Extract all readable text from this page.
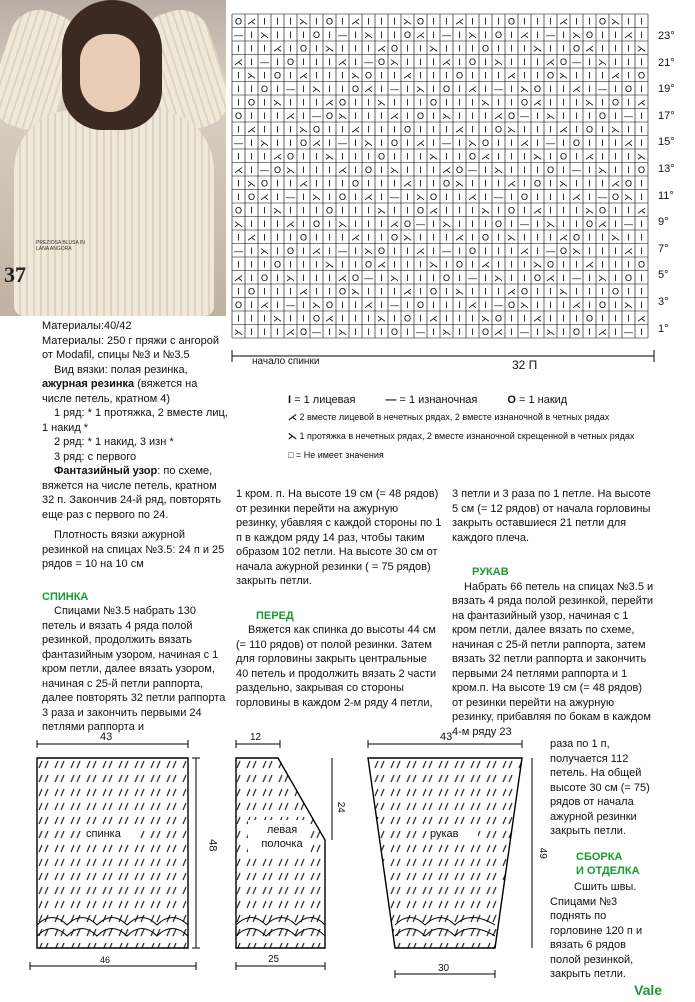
37
PREZIOSA BLUSA IN LANA ANGORA
O ⋌ I I I ⋋ I O I ⋌ I I I ⋋ O I I ⋌ I I I O I I I ⋌ I I O ⋋ I I
— I ⋋ I I I O I — I ⋋ I I O ⋌ I — I ⋋ I O I ⋌ I — I ⋋ O I I ⋌ I
I I I ⋌ I O I ⋋ I I I ⋌ O I I ⋋ I I I O I I I ⋋ I I O ⋌ I I I ⋋
⋌ I — I O I I I ⋌ I — O ⋋ I I I ⋌ I O I ⋋ I I I ⋌ O — I ⋋ I I I
I ⋋ I O I ⋌ I I I ⋋ O I I ⋌ I I I O I I I ⋌ I I O ⋋ I I I ⋌ I O
I I O I — I ⋋ I I O ⋌ I — I ⋋ I O I ⋌ I — I ⋋ O I I ⋌ I — I O I
I O I ⋋ I I I ⋌ O I I ⋋ I I I O I I I ⋋ I I O ⋌ I I I ⋋ I O I ⋌
O I I I ⋌ I — O ⋋ I I I ⋌ I O I ⋋ I I I ⋌ O — I ⋋ I I I O I — I
I ⋌ I I I ⋋ O I I ⋌ I I I O I I I ⋌ I I O ⋋ I I I ⋌ I O I ⋋ I I
— I ⋋ I I O ⋌ I — I ⋋ I O I ⋌ I — I ⋋ O I I ⋌ I — I O I I I ⋌ I
I I I ⋌ O I I ⋋ I I I O I I I ⋋ I I O ⋌ I I I ⋋ I O I ⋌ I I I ⋋
⋌ I — O ⋋ I I I ⋌ I O I ⋋ I I I ⋌ O — I ⋋ I I I O I — I ⋋ I I O
I ⋋ O I I ⋌ I I I O I I I ⋌ I I O ⋋ I I I ⋌ I O I ⋋ I I I ⋌ O I
I O ⋌ I — I ⋋ I O I ⋌ I — I ⋋ O I I ⋌ I — I O I I I ⋌ I — O ⋋ I
O I I ⋋ I I I O I I I ⋋ I I O ⋌ I I I ⋋ I O I ⋌ I I I ⋋ O I I ⋌
⋋ I I I ⋌ I O I ⋋ I I I ⋌ O — I ⋋ I I I O I — I ⋋ I I O ⋌ I — I
I ⋌ I I I O I I I ⋌ I I O ⋋ I I I ⋌ I O I ⋋ I I I ⋌ O I I ⋋ I I
— I ⋋ I O I ⋌ I — I ⋋ O I I ⋌ I — I O I I I ⋌ I — O ⋋ I I I ⋌ I
I I I O I I I ⋋ I I O ⋌ I I I ⋋ I O I ⋌ I I I ⋋ O I I ⋌ I I I O
⋌ I O I ⋋ I I I ⋌ O — I ⋋ I I I O I — I ⋋ I I O ⋌ I — I ⋋ I O I
I O I I I ⋌ I I O ⋋ I I I ⋌ I O I ⋋ I I I ⋌ O I I ⋋ I I I O I I
O I ⋌ I — I ⋋ O I I ⋌ I — I O I I I ⋌ I — O ⋋ I I I ⋌ I O I ⋋ I
I I I ⋋ I I O ⋌ I I I ⋋ I O I ⋌ I I I ⋋ O I I ⋌ I I I O I I I ⋌
⋋ I I I ⋌ O — I ⋋ I I I O I — I ⋋ I I O ⋌ I — I ⋋ I O I ⋌ I — I
23°
21°
19°
17°
15°
13°
11°
9°
7°
5°
3°
1°
начало спинки	32 П
I = 1 лицевая	— = 1 изнаночная	O = 1 накид
⋌ 2 вместе лицевой в нечетных рядах, 2 вместе изнаночной в четных рядах
⋋ 1 протяжка в нечетных рядах, 2 вместе изнаночной скрещенной в четных рядах
□ = Не имеет значения
Материалы:40/42
Материалы: 250 г пряжи с ангорой от Modafil, спицы №3 и №3.5
Вид вязки: полая резинка, ажурная резинка (вяжется на числе петель, кратном 4)
1 ряд: * 1 протяжка, 2 вместе лиц, 1 накид *
2 ряд: * 1 накид, 3 изн *
3 ряд: с первого
Фантазийный узор: по схеме, вяжется на числе петель, кратном 32 п. Закончив 24-й ряд, повторять еще раз с первого по 24.
Плотность вязки ажурной резинкой на спицах №3.5: 24 п и 25 рядов = 10 на 10 см
СПИНКА
Спицами №3.5 набрать 130 петель и вязать 4 ряда полой резинкой, продолжить вязать фантазийным узором, начиная с 1 кром петли, далее вязать узором, начиная с 25-й петли раппорта, далее повторять 32 петли раппорта 3 раза и закончить первыми 24 петлями раппорта и
1 кром. п. На высоте 19 см (= 48 рядов) от резинки перейти на ажурную резинку, убавляя с каждой стороны по 1 п в каждом ряду 14 раз, чтобы таким образом 102 петли. На высоте 30 см от начала ажурной резинки ( = 75 рядов) закрыть петли.
ПЕРЕД
Вяжется как спинка до высоты 44 см (= 110 рядов) от полой резинки. Затем для горловины закрыть центральные 40 петель и продолжить вязать 2 части раздельно, закрывая со стороны горловины в каждом 2-м ряду 4 петли,
3 петли и 3 раза по 1 петле. На высоте 5 см (= 12 рядов) от начала горловины закрыть оставшиеся 21 петли для каждого плеча.
РУКАВ
Набрать 66 петель на спицах №3.5 и вязать 4 ряда полой резинкой, перейти на фантазийный узор, начиная с 1 кром петли, далее вязать по схеме, начиная с 25-й петли раппорта, затем вязать 32 петли раппорта и закончить первыми 24 петлями раппорта и 1 кром.п. На высоте 19 см (= 48 рядов) от резинки перейти на ажурную резинку, прибавляя по бокам в каждом 4-м ряду 23
раза по 1 п, получается 112 петель. На общей высоте 30 см (= 75) рядов от начала ажурной резинки закрыть петли.
СБОРКА
И ОТДЕЛКА
Сшить швы. Спицами №3 поднять по горловине 120 п и вязать 6 рядов полой резинкой, закрыть петли.
Vale
43
спинка
46
48
12
левая
полочка
25
24
43
рукав
30
49
